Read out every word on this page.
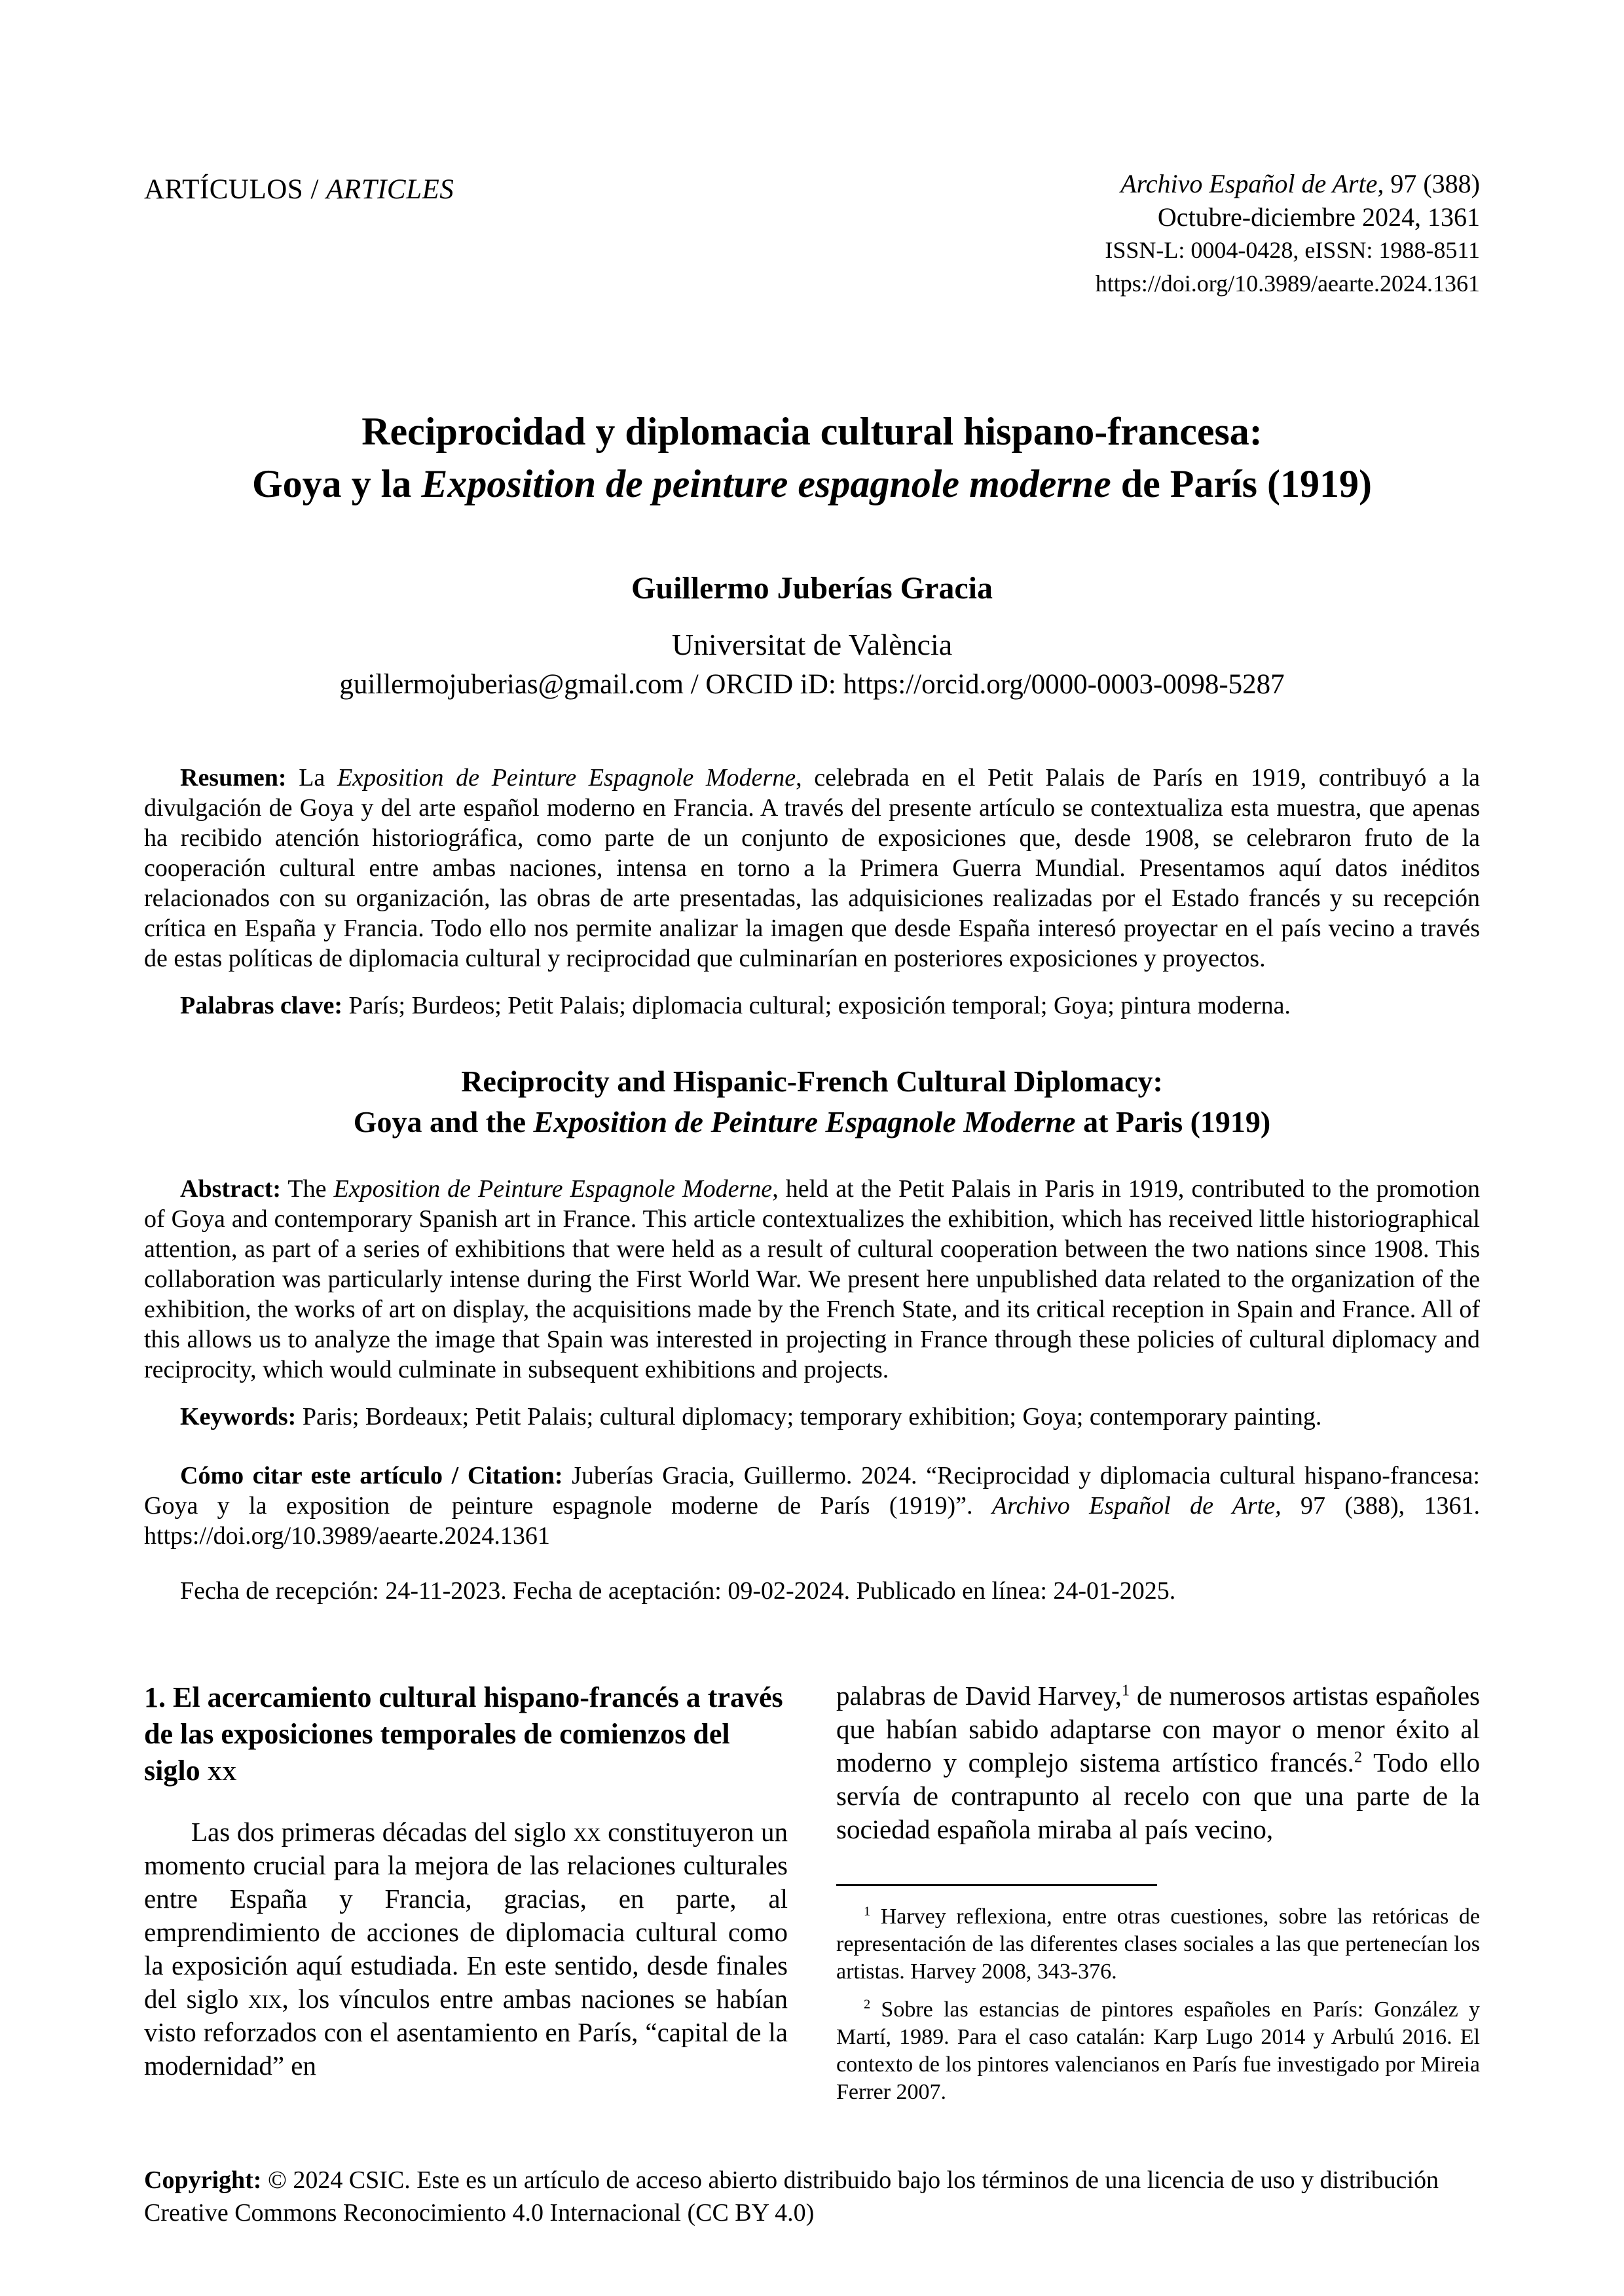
ARTÍCULOS / ARTICLES	Archivo Español de Arte, 97 (388)
Octubre-diciembre 2024, 1361
ISSN-L: 0004-0428, eISSN: 1988-8511
https://doi.org/10.3989/aearte.2024.1361
Reciprocidad y diplomacia cultural hispano-francesa:
Goya y la Exposition de peinture espagnole moderne de París (1919)
Guillermo Juberías Gracia
Universitat de València
guillermojuberias@gmail.com / ORCID iD: https://orcid.org/0000-0003-0098-5287

Resumen: La Exposition de Peinture Espagnole Moderne, celebrada en el Petit Palais de París en 1919, contribuyó a la divulgación de Goya y del arte español moderno en Francia. A través del presente artículo se contextualiza esta muestra, que apenas ha recibido atención historiográfica, como parte de un conjunto de exposiciones que, desde 1908, se celebraron fruto de la cooperación cultural entre ambas naciones, intensa en torno a la Primera Guerra Mundial. Presentamos aquí datos inéditos relacionados con su organización, las obras de arte presentadas, las adquisiciones realizadas por el Estado francés y su recepción crítica en España y Francia. Todo ello nos permite analizar la imagen que desde España interesó proyectar en el país vecino a través de estas políticas de diplomacia cultural y reciprocidad que culminarían en posteriores exposiciones y proyectos.

Palabras clave: París; Burdeos; Petit Palais; diplomacia cultural; exposición temporal; Goya; pintura moderna.

Reciprocity and Hispanic-French Cultural Diplomacy:
Goya and the Exposition de Peinture Espagnole Moderne at Paris (1919)

Abstract: The Exposition de Peinture Espagnole Moderne, held at the Petit Palais in Paris in 1919, contributed to the promotion of Goya and contemporary Spanish art in France. This article contextualizes the exhibition, which has received little historiographical attention, as part of a series of exhibitions that were held as a result of cultural cooperation between the two nations since 1908. This collaboration was particularly intense during the First World War. We present here unpublished data related to the organization of the exhibition, the works of art on display, the acquisitions made by the French State, and its critical reception in Spain and France. All of this allows us to analyze the image that Spain was interested in projecting in France through these policies of cultural diplomacy and reciprocity, which would culminate in subsequent exhibitions and projects.

Keywords: Paris; Bordeaux; Petit Palais; cultural diplomacy; temporary exhibition; Goya; contemporary painting.

Cómo citar este artículo / Citation: Juberías Gracia, Guillermo. 2024. “Reciprocidad y diplomacia cultural hispano-francesa: Goya y la exposition de peinture espagnole moderne de París (1919)”. Archivo Español de Arte, 97 (388), 1361. https://doi.org/10.3989/aearte.2024.1361

Fecha de recepción: 24-11-2023. Fecha de aceptación: 09-02-2024. Publicado en línea: 24-01-2025.

1. El acercamiento cultural hispano-francés a través de las exposiciones temporales de comienzos del siglo xx

Las dos primeras décadas del siglo xx constituyeron un momento crucial para la mejora de las relaciones culturales entre España y Francia, gracias, en parte, al emprendimiento de acciones de diplomacia cultural como la exposición aquí estudiada. En este sentido, desde finales del siglo xix, los vínculos entre ambas naciones se habían visto reforzados con el asentamiento en París, “capital de la modernidad” en

palabras de David Harvey,$^1$ de numerosos artistas españoles que habían sabido adaptarse con mayor o menor éxito al moderno y complejo sistema artístico francés.$^2$ Todo ello servía de contrapunto al recelo con que una parte de la sociedad española miraba al país vecino,

$^1$ Harvey reflexiona, entre otras cuestiones, sobre las retóricas de representación de las diferentes clases sociales a las que pertenecían los artistas. Harvey 2008, 343-376.

$^2$ Sobre las estancias de pintores españoles en París: González y Martí, 1989. Para el caso catalán: Karp Lugo 2014 y Arbulú 2016. El contexto de los pintores valencianos en París fue investigado por Mireia Ferrer 2007.

Copyright: © 2024 CSIC. Este es un artículo de acceso abierto distribuido bajo los términos de una licencia de uso y distribución Creative Commons Reconocimiento 4.0 Internacional (CC BY 4.0)
